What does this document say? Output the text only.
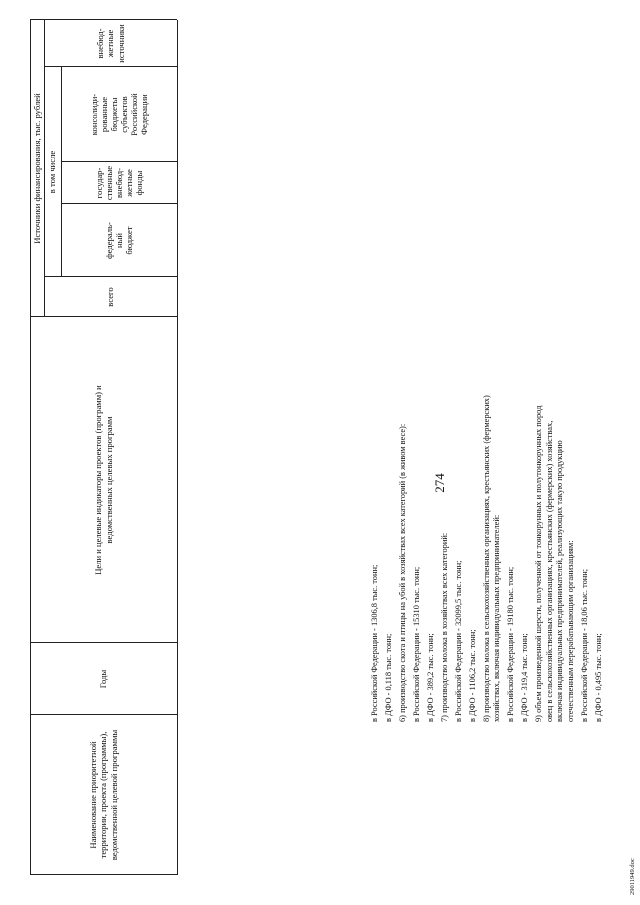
274
29011949.doc
Наименование приоритетной территории, проекта (программы), ведомственной целевой программы
Годы
Цели и целевые индикаторы проектов (программ) и ведомственных целевых программ
Источники финансирования, тыс. рублей
всего
в том числе
федераль-
ный
бюджет
государ-
ственные
внебюд-
жетные
фонды
консолиди-
рованные
бюджеты
субъектов
Российской
Федерации
внебюд-
жетные
источники
в Российской Федерации - 1306,8 тыс. тонн; в ДФО - 0,118 тыс. тонн; 6) производство скота и птицы на убой в хозяйствах всех категорий (в живом весе): в Российской Федерации - 15310 тыс. тонн; в ДФО - 389,2 тыс. тонн; 7) производство молока в хозяйствах всех категорий: в Российской Федерации - 32099,5 тыс. тонн; в ДФО - 1106,2 тыс. тонн; 8) производство молока в сельскохозяйственных организациях, крестьянских (фермерских) хозяйствах, включая индивидуальных предпринимателей: в Российской Федерации - 19180 тыс. тонн; в ДФО - 319,4 тыс. тонн; 9) объем произведенной шерсти, полученной от тонкорунных и полутонкорунных пород овец в сельскохозяйственных организациях, крестьянских (фермерских) хозяйствах, включая индивидуальных предпринимателей, реализующих такую продукцию отечественным перерабатывающим организациям: в Российской Федерации - 18,06 тыс. тонн; в ДФО - 0,495 тыс. тонн;
